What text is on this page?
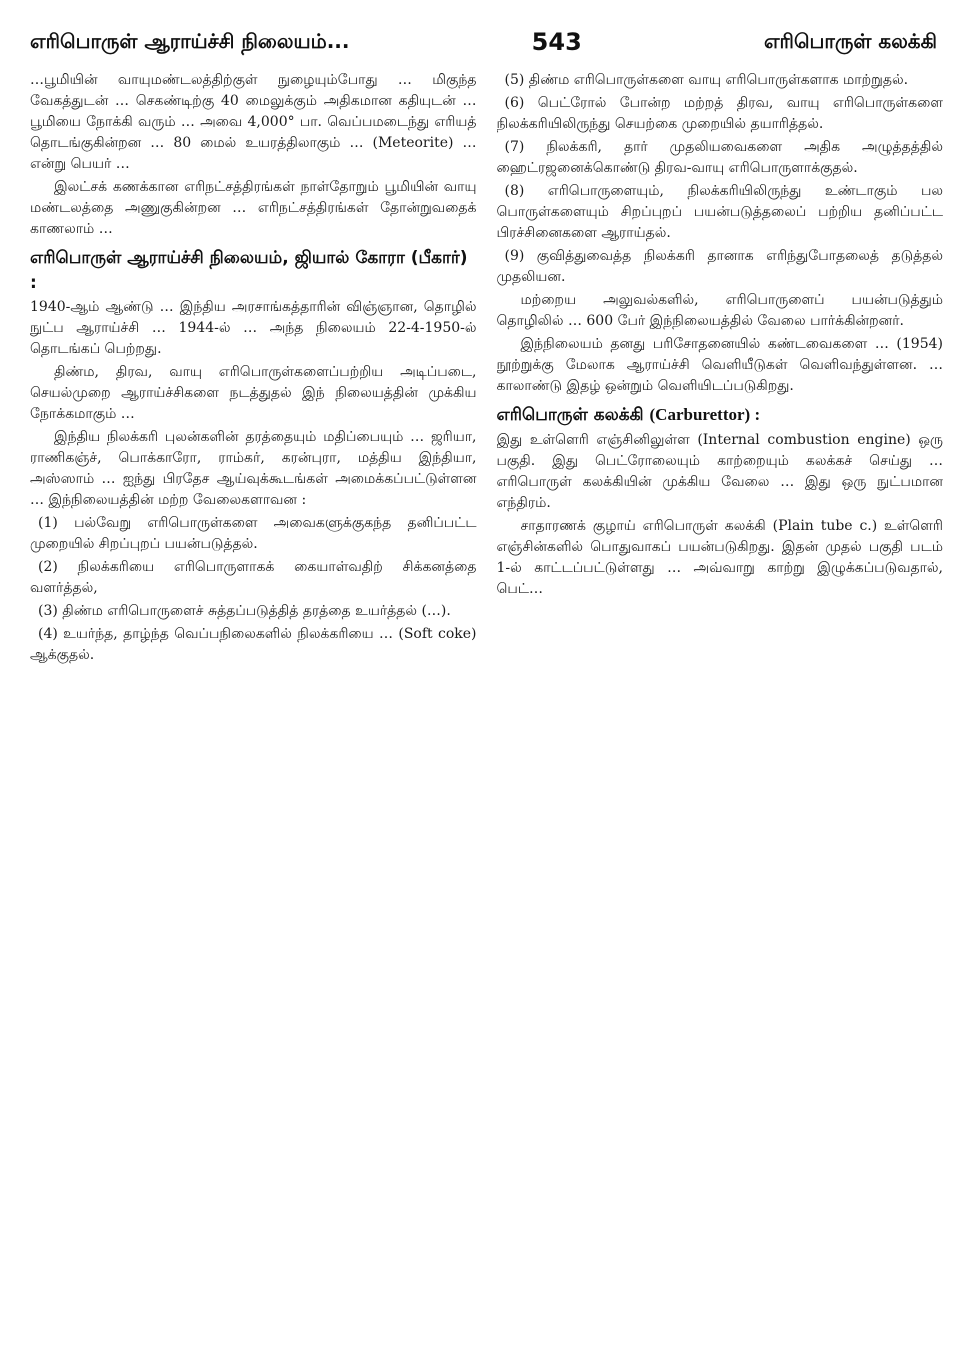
எரிபொருள் ஆராய்ச்சி நிலையம்...	543	எரிபொருள் கலக்கி

…பூமியின் வாயுமண்டலத்திற்குள் நுழையும்போது … மிகுந்த வேகத்துடன் … செகண்டிற்கு 40 மைலுக்கும் அதிகமான கதியுடன் … பூமியை நோக்கி வரும் … அவை 4,000° பா. வெப்பமடைந்து எரியத் தொடங்குகின்றன … 80 மைல் உயரத்திலாகும் … (Meteorite) … என்று பெயர் …

இலட்சக் கணக்கான எரிநட்சத்திரங்கள் நாள்தோறும் பூமியின் வாயு மண்டலத்தை அணுகுகின்றன … எரிநட்சத்திரங்கள் தோன்றுவதைக் காணலாம் …

எரிபொருள் ஆராய்ச்சி நிலையம், ஜியால் கோரா (பீகார்) :

1940-ஆம் ஆண்டு … இந்திய அரசாங்கத்தாரின் விஞ்ஞான, தொழில் நுட்ப ஆராய்ச்சி … 1944-ல் … அந்த நிலையம் 22-4-1950-ல் தொடங்கப் பெற்றது.

திண்ம, திரவ, வாயு எரிபொருள்களைப்பற்றிய அடிப்படை, செயல்முறை ஆராய்ச்சிகளை நடத்துதல் இந் நிலையத்தின் முக்கிய நோக்கமாகும் …

இந்திய நிலக்கரி புலன்களின் தரத்தையும் மதிப்பையும் … ஜரியா, ராணிகஞ்ச், பொக்காரோ, ராம்கர், கரன்புரா, மத்திய இந்தியா, அஸ்ஸாம் … ஐந்து பிரதேச ஆய்வுக்கூடங்கள் அமைக்கப்பட்டுள்ளன … இந்நிலையத்தின் மற்ற வேலைகளாவன :

(1) பல்வேறு எரிபொருள்களை அவைகளுக்குகந்த தனிப்பட்ட முறையில் சிறப்புறப் பயன்படுத்தல்.

(2) நிலக்கரியை எரிபொருளாகக் கையாள்வதிற் சிக்கனத்தை வளர்த்தல்,

(3) திண்ம எரிபொருளைச் சுத்தப்படுத்தித் தரத்தை உயர்த்தல் (…).

(4) உயர்ந்த, தாழ்ந்த வெப்பநிலைகளில் நிலக்கரியை … (Soft coke) ஆக்குதல்.

(5) திண்ம எரிபொருள்களை வாயு எரிபொருள்களாக மாற்றுதல்.

(6) பெட்ரோல் போன்ற மற்றத் திரவ, வாயு எரிபொருள்களை நிலக்கரியிலிருந்து செயற்கை முறையில் தயாரித்தல்.

(7) நிலக்கரி, தார் முதலியவைகளை அதிக அழுத்தத்தில் ஹைட்ரஜனைக்கொண்டு திரவ-வாயு எரிபொருளாக்குதல்.

(8) எரிபொருளையும், நிலக்கரியிலிருந்து உண்டாகும் பல பொருள்களையும் சிறப்புறப் பயன்படுத்தலைப் பற்றிய தனிப்பட்ட பிரச்சினைகளை ஆராய்தல்.

(9) குவித்துவைத்த நிலக்கரி தானாக எரிந்துபோதலைத் தடுத்தல் முதலியன.

மற்றைய அலுவல்களில், எரிபொருளைப் பயன்படுத்தும் தொழிலில் … 600 பேர் இந்நிலையத்தில் வேலை பார்க்கின்றனர்.

இந்நிலையம் தனது பரிசோதனையில் கண்டவைகளை … (1954) நூற்றுக்கு மேலாக ஆராய்ச்சி வெளியீடுகள் வெளிவந்துள்ளன. … காலாண்டு இதழ் ஒன்றும் வெளியிடப்படுகிறது.

எரிபொருள் கலக்கி (Carburettor) :

இது உள்ளெரி எஞ்சினிலுள்ள (Internal combustion engine) ஒரு பகுதி. இது பெட்ரோலையும் காற்றையும் கலக்கச் செய்து … எரிபொருள் கலக்கியின் முக்கிய வேலை … இது ஒரு நுட்பமான எந்திரம்.

சாதாரணக் குழாய் எரிபொருள் கலக்கி (Plain tube c.) உள்ளெரி எஞ்சின்களில் பொதுவாகப் பயன்படுகிறது. இதன் முதல் பகுதி படம் 1-ல் காட்டப்பட்டுள்ளது … அவ்வாறு காற்று இழுக்கப்படுவதால், பெட்…
